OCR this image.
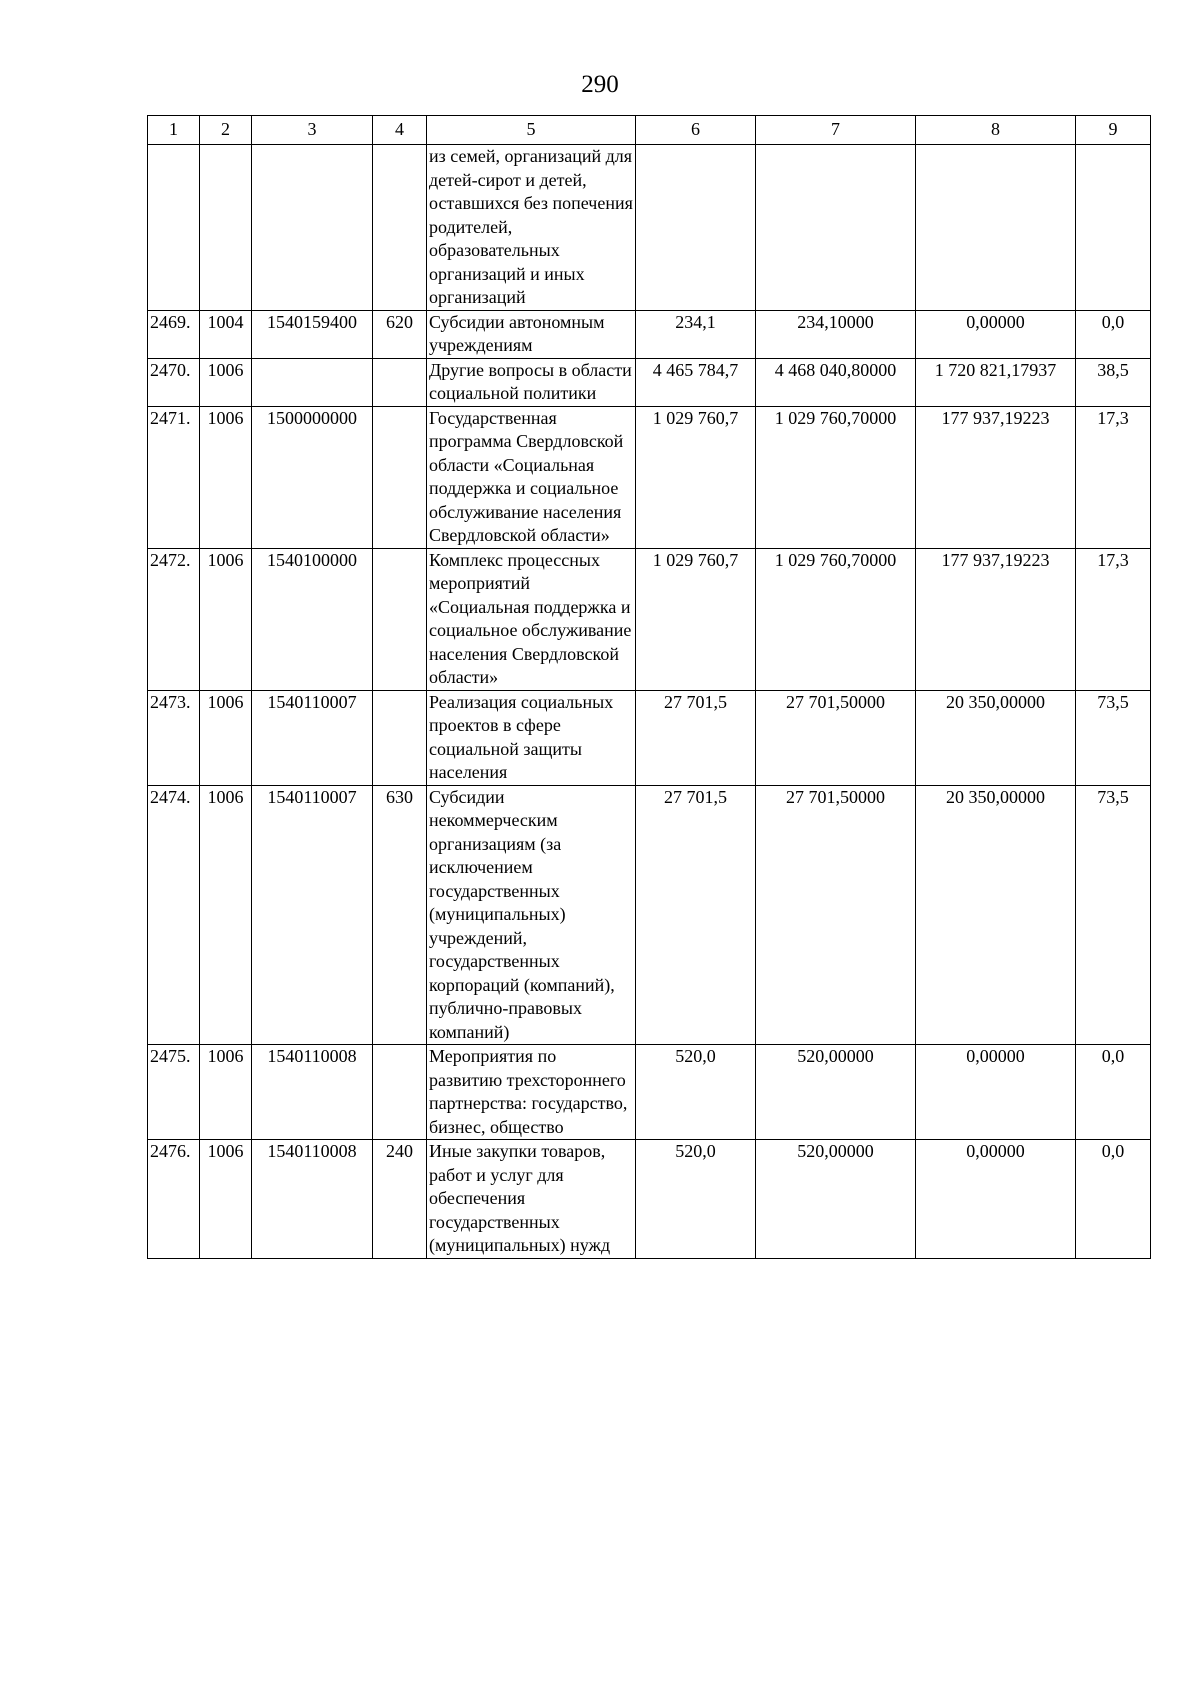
290
1	2	3	4	5	6	7	8	9
				из семей, организаций для детей-сирот и детей, оставшихся без попечения родителей, образовательных организаций и иных организаций				
2469.	1004	1540159400	620	Субсидии автономным учреждениям	234,1	234,10000	0,00000	0,0
2470.	1006			Другие вопросы в области социальной политики	4 465 784,7	4 468 040,80000	1 720 821,17937	38,5
2471.	1006	1500000000		Государственная программа Свердловской области «Социальная поддержка и социальное обслуживание населения Свердловской области»	1 029 760,7	1 029 760,70000	177 937,19223	17,3
2472.	1006	1540100000		Комплекс процессных мероприятий «Социальная поддержка и социальное обслуживание населения Свердловской области»	1 029 760,7	1 029 760,70000	177 937,19223	17,3
2473.	1006	1540110007		Реализация социальных проектов в сфере социальной защиты населения	27 701,5	27 701,50000	20 350,00000	73,5
2474.	1006	1540110007	630	Субсидии некоммерческим организациям (за исключением государственных (муниципальных) учреждений, государственных корпораций (компаний), публично-правовых компаний)	27 701,5	27 701,50000	20 350,00000	73,5
2475.	1006	1540110008		Мероприятия по развитию трехстороннего партнерства: государство, бизнес, общество	520,0	520,00000	0,00000	0,0
2476.	1006	1540110008	240	Иные закупки товаров, работ и услуг для обеспечения государственных (муниципальных) нужд	520,0	520,00000	0,00000	0,0
